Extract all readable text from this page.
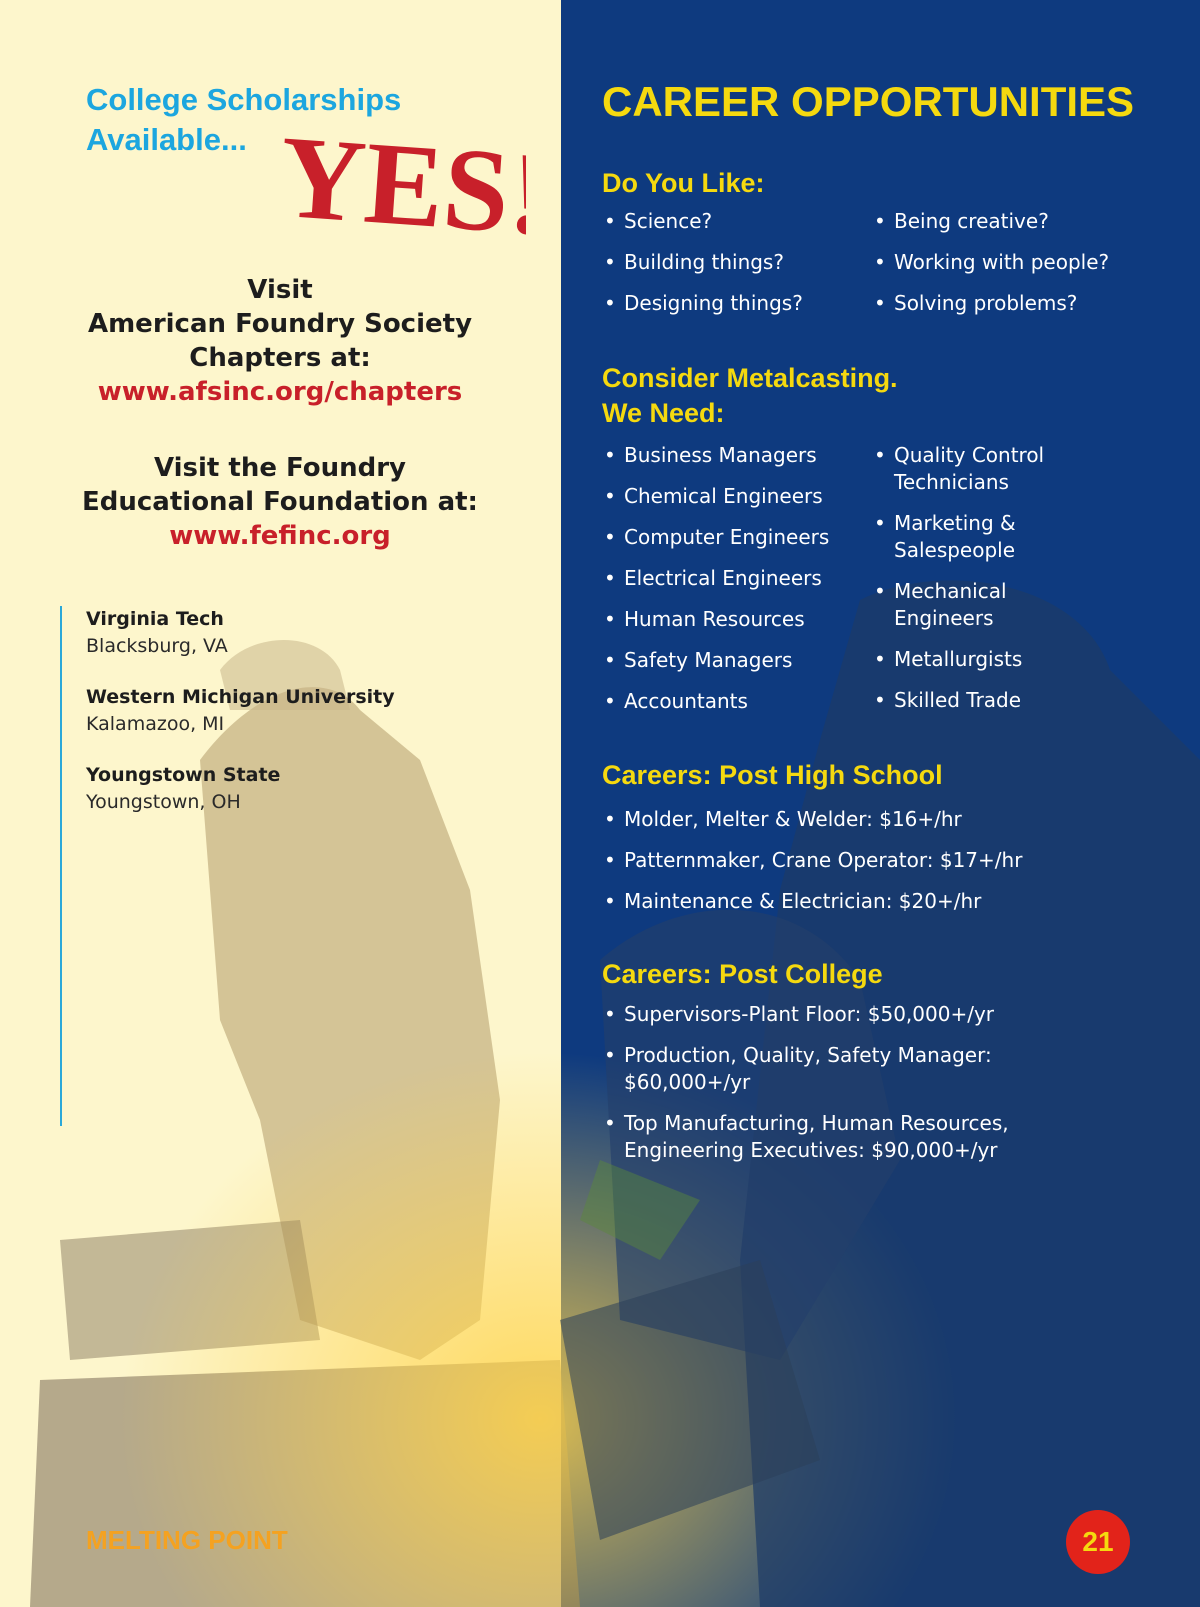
College Scholarships
Available... YES!
Visit
American Foundry Society
Chapters at:
www.afsinc.org/chapters
Visit the Foundry
Educational Foundation at:
www.fefinc.org
Virginia Tech
Blacksburg, VA
Western Michigan University
Kalamazoo, MI
Youngstown State
Youngstown, OH
MELTING POINT
CAREER OPPORTUNITIES
Do You Like:
• Science?
• Building things?
• Designing things?
• Being creative?
• Working with people?
• Solving problems?
Consider Metalcasting.
We Need:
• Business Managers
• Chemical Engineers
• Computer Engineers
• Electrical Engineers
• Human Resources
• Safety Managers
• Accountants
• Quality Control Technicians
• Marketing & Salespeople
• Mechanical Engineers
• Metallurgists
• Skilled Trade
Careers: Post High School
• Molder, Melter & Welder: $16+/hr
• Patternmaker, Crane Operator: $17+/hr
• Maintenance & Electrician: $20+/hr
Careers: Post College
• Supervisors-Plant Floor: $50,000+/yr
• Production, Quality, Safety Manager: $60,000+/yr
• Top Manufacturing, Human Resources, Engineering Executives: $90,000+/yr
21
